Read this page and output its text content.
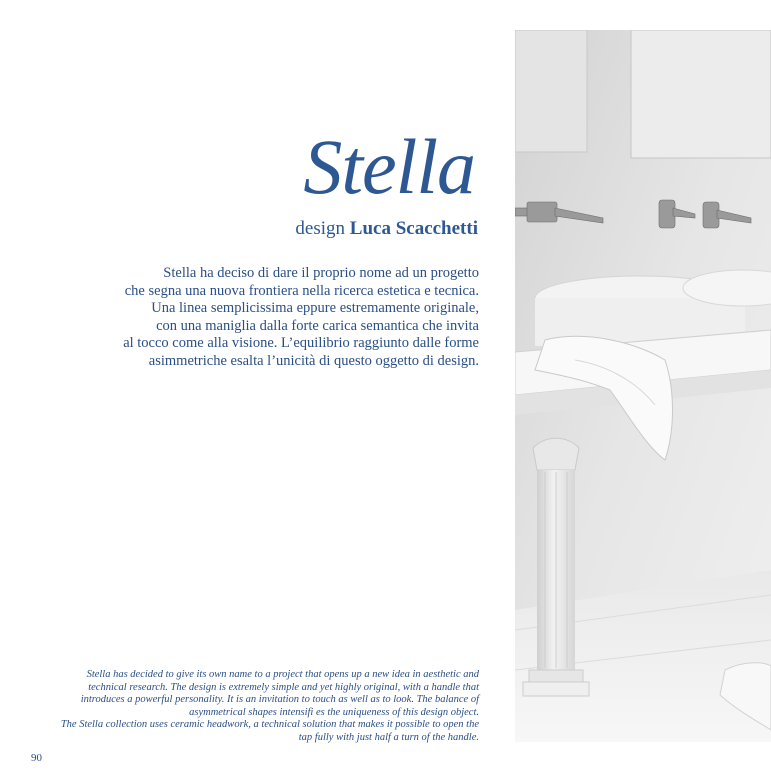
Stella
design Luca Scacchetti
Stella ha deciso di dare il proprio nome ad un progetto
che segna una nuova frontiera nella ricerca estetica e tecnica.
Una linea semplicissima eppure estremamente originale,
con una maniglia dalla forte carica semantica che invita
al tocco come alla visione. L’equilibrio raggiunto dalle forme
asimmetriche esalta l’unicità di questo oggetto di design.
Stella has decided to give its own name to a project that opens up a new idea in aesthetic and
technical research. The design is extremely simple and yet highly original, with a handle that
introduces a powerful personality. It is an invitation to touch as well as to look. The balance of
asymmetrical shapes intensifi es the uniqueness of this design object.
The Stella collection uses ceramic headwork, a technical solution that makes it possible to open the
tap fully with just half a turn of the handle.
90
